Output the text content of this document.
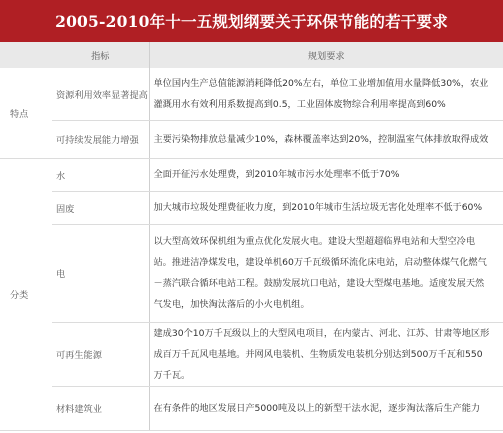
2005-2010年十一五规划纲要关于环保节能的若干要求
	指标	规划要求
特点	资源利用效率显著提高	单位国内生产总值能源消耗降低20%左右，单位工业增加值用水量降低30%，农业灌溉用水有效利用系数提高到0.5，工业固体废物综合利用率提高到60%
	可持续发展能力增强	主要污染物排放总量减少10%，森林覆盖率达到20%，控制温室气体排放取得成效
分类	水	全面开征污水处理费，到2010年城市污水处理率不低于70%
	固废	加大城市垃圾处理费征收力度，到2010年城市生活垃圾无害化处理率不低于60%
	电	以大型高效环保机组为重点优化发展火电。建设大型超超临界电站和大型空冷电站。推进洁净煤发电，建设单机60万千瓦级循环流化床电站，启动整体煤气化燃气－蒸汽联合循环电站工程。鼓励发展坑口电站，建设大型煤电基地。适度发展天然气发电，加快淘汰落后的小火电机组。
	可再生能源	建成30个10万千瓦级以上的大型风电项目，在内蒙古、河北、江苏、甘肃等地区形成百万千瓦风电基地。并网风电装机、生物质发电装机分别达到500万千瓦和550万千瓦。
	材料建筑业	在有条件的地区发展日产5000吨及以上的新型干法水泥，逐步淘汰落后生产能力
